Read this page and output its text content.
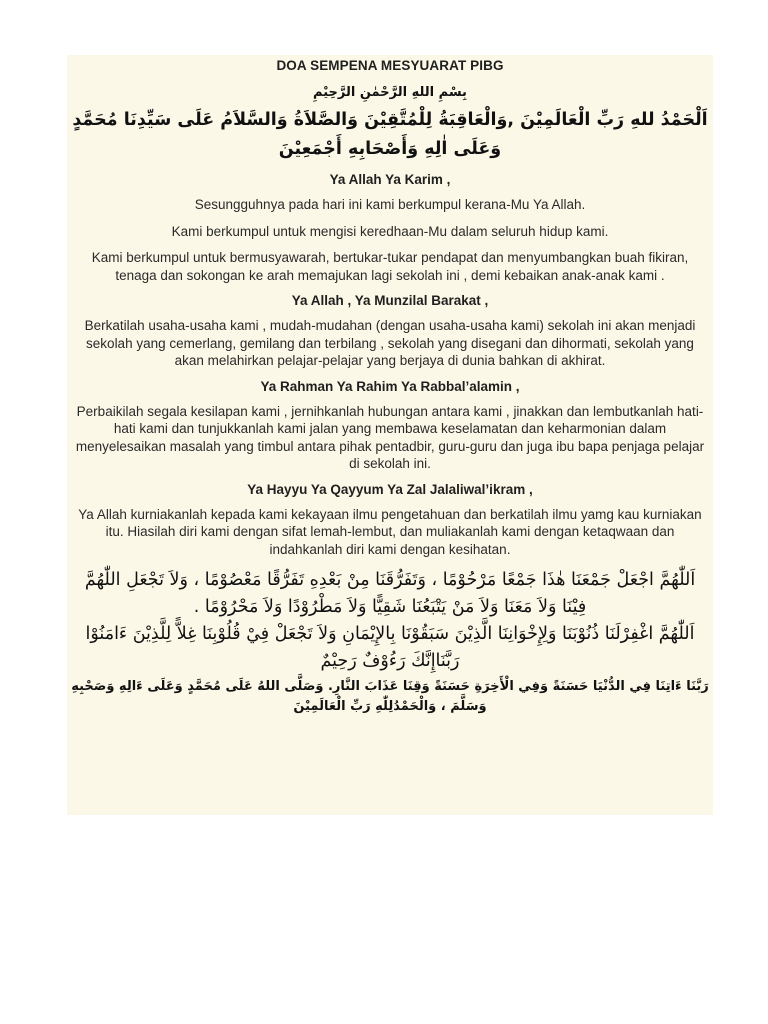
DOA SEMPENA MESYUARAT PIBG

بِسْمِ اللهِ الرَّحْمٰنِ الرَّحِيْمِ

اَلْحَمْدُ للهِ رَبِّ الْعَالَمِيْنَ ,وَالْعَاقِبَةُ لِلْمُتَّقِيْنَ وَالصَّلاَةُ وَالسَّلاَمُ عَلَى سَيِّدِنَا مُحَمَّدٍ وَعَلَى اٰلِهِ وَأَصْحَابِهِ أَجْمَعِيْنَ

Ya Allah Ya Karim ,

Sesungguhnya pada hari ini kami berkumpul kerana-Mu Ya Allah.

Kami berkumpul untuk mengisi keredhaan-Mu dalam seluruh hidup kami.

Kami berkumpul untuk bermusyawarah, bertukar-tukar pendapat dan menyumbangkan buah fikiran, tenaga dan sokongan ke arah memajukan lagi sekolah ini , demi kebaikan anak-anak kami .

Ya Allah , Ya Munzilal Barakat ,

Berkatilah usaha-usaha kami , mudah-mudahan (dengan usaha-usaha kami) sekolah ini akan menjadi sekolah yang cemerlang, gemilang dan terbilang , sekolah yang disegani dan dihormati, sekolah yang akan melahirkan pelajar-pelajar yang berjaya di dunia bahkan di akhirat.

Ya Rahman Ya Rahim Ya Rabbal’alamin ,

Perbaikilah segala kesilapan kami , jernihkanlah hubungan antara kami , jinakkan dan lembutkanlah hati-hati kami dan tunjukkanlah kami jalan yang membawa keselamatan dan keharmonian dalam menyelesaikan masalah yang timbul antara pihak pentadbir, guru-guru dan juga ibu bapa penjaga pelajar di sekolah ini.

Ya Hayyu Ya Qayyum Ya Zal Jalaliwal’ikram ,

Ya Allah kurniakanlah kepada kami kekayaan ilmu pengetahuan dan berkatilah ilmu yamg kau kurniakan itu. Hiasilah diri kami dengan sifat lemah-lembut, dan muliakanlah kami dengan ketaqwaan dan indahkanlah diri kami dengan kesihatan.

اَللّٰهُمَّ اجْعَلْ جَمْعَنَا هٰذَا جَمْعًا مَرْحُوْمًا ، وَتَفَرُّقَنَا مِنْ بَعْدِهِ تَفَرُّقًا مَعْصُوْمًا ، وَلاَ تَجْعَلِ اللّٰهُمَّ فِيْنَا وَلاَ مَعَنَا وَلاَ مَنْ يَتْبَعُنَا شَقِيًّا وَلاَ مَطْرُوْدًا وَلاَ مَحْرُوْمًا .

اَللّٰهُمَّ اغْفِرْلَنَا ذُنُوْبَنَا وَلِإِخْوَانِنَا الَّذِيْنَ سَبَقُوْنَا بِالإِيْمَانِ وَلاَ تَجْعَلْ فِيْ قُلُوْبِنَا غِلاًّ لِلَّذِيْنَ ءَامَنُوْا رَبَّنَاإِنَّكَ رَءُوْفٌ رَحِيْمٌ

رَبَّنَا ءَاتِنَا فِي الدُّنْيَا حَسَنَةً وَفِي الْأَخِرَةِ حَسَنَةً وَقِنَا عَذَابَ النَّارِ. وَصَلَّى اللهُ عَلَى مُحَمَّدٍ وَعَلَى ءَالِهِ وَصَحْبِهِ وَسَلَّمَ ، وَالْحَمْدُلِلّٰهِ رَبِّ الْعَالَمِيْنَ
